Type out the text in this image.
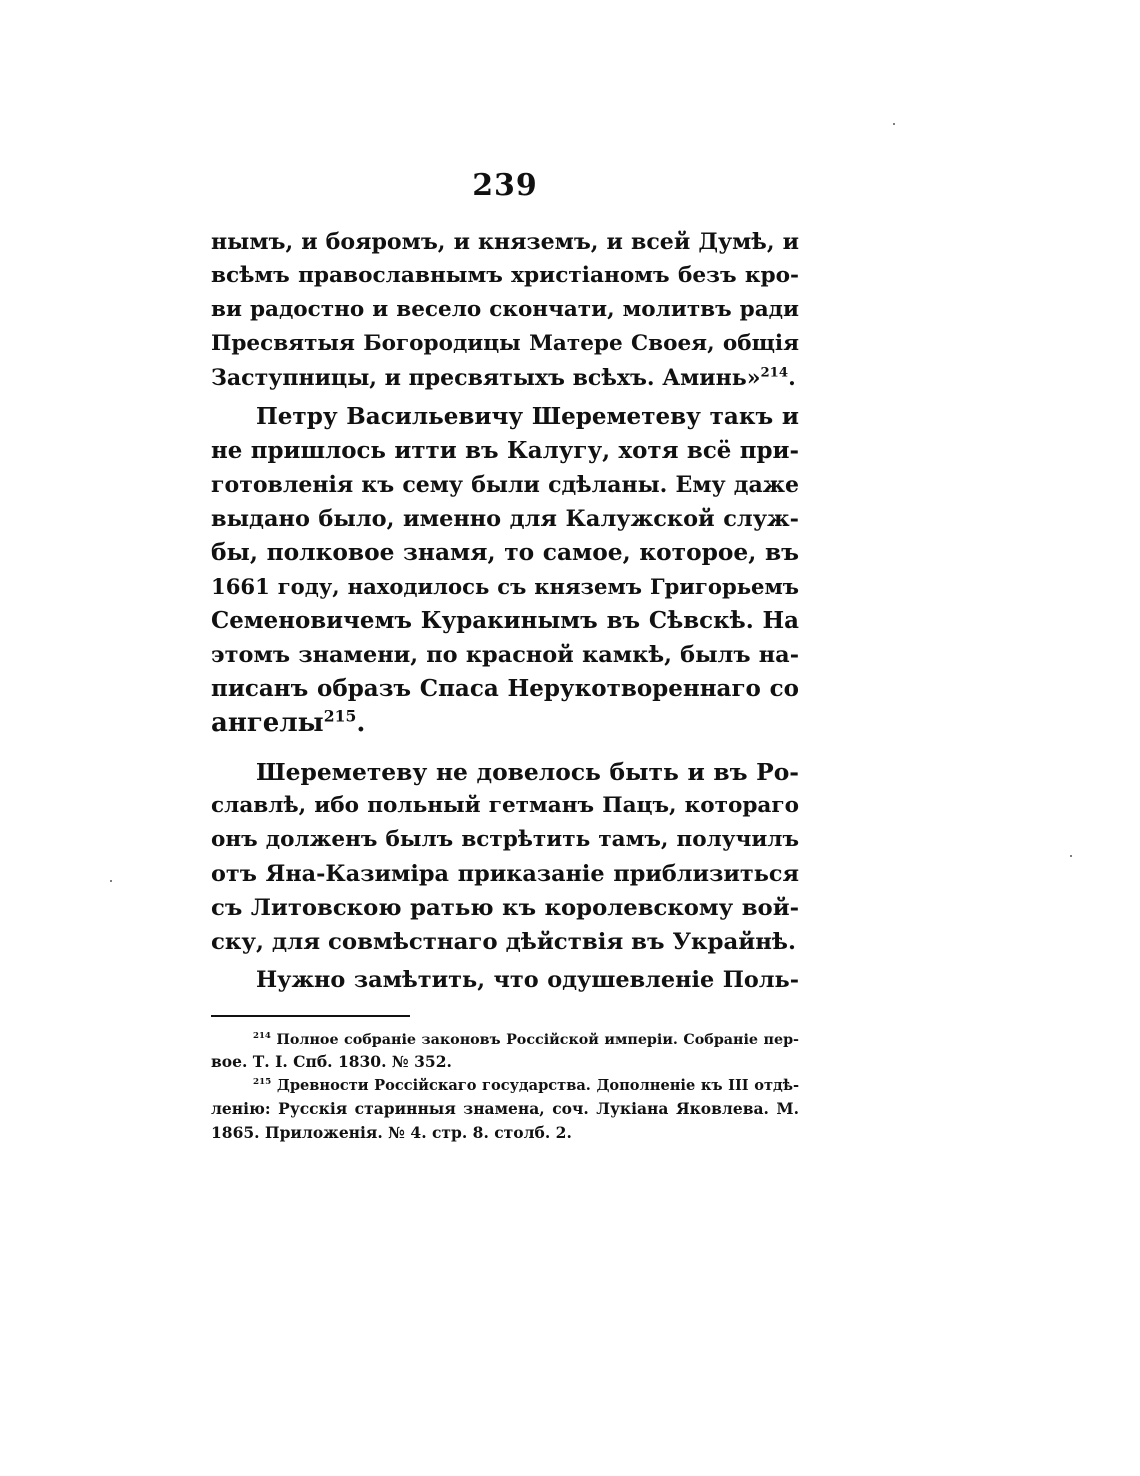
239
нымъ, и бояромъ, и княземъ, и всей Думѣ, и
всѣмъ православнымъ христіаномъ безъ кро-
ви радостно и весело скончати, молитвъ ради
Пресвятыя Богородицы Матере Своея, общія
Заступницы, и пресвятыхъ всѣхъ. Аминь»$^{214}$.
Петру Васильевичу Шереметеву такъ и
не пришлось итти въ Калугу, хотя всё при-
готовленія къ сему были сдѣланы. Ему даже
выдано было, именно для Калужской служ-
бы, полковое знамя, то самое, которое, въ
1661 году, находилось съ княземъ Григорьемъ
Семеновичемъ Куракинымъ въ Сѣвскѣ. На
этомъ знамени, по красной камкѣ, былъ на-
писанъ образъ Спаса Нерукотвореннаго со
ангелы$^{215}$.
Шереметеву не довелось быть и въ Ро-
славлѣ, ибо польный гетманъ Пацъ, котораго
онъ долженъ былъ встрѣтить тамъ, получилъ
отъ Яна-Казиміра приказаніе приблизиться
съ Литовскою ратью къ королевскому вой-
ску, для совмѣстнаго дѣйствія въ Украйнѣ.
Нужно замѣтить, что одушевленіе Поль-
$^{214}$ Полное собраніе законовъ Россійской имперіи. Собраніе пер-
вое. Т. І. Спб. 1830. № 352.
$^{215}$ Древности Россійскаго государства. Дополненіе къ III отдѣ-
ленію: Русскія старинныя знамена, соч. Лукіана Яковлева. М.
1865. Приложенія. № 4. стр. 8. столб. 2.
